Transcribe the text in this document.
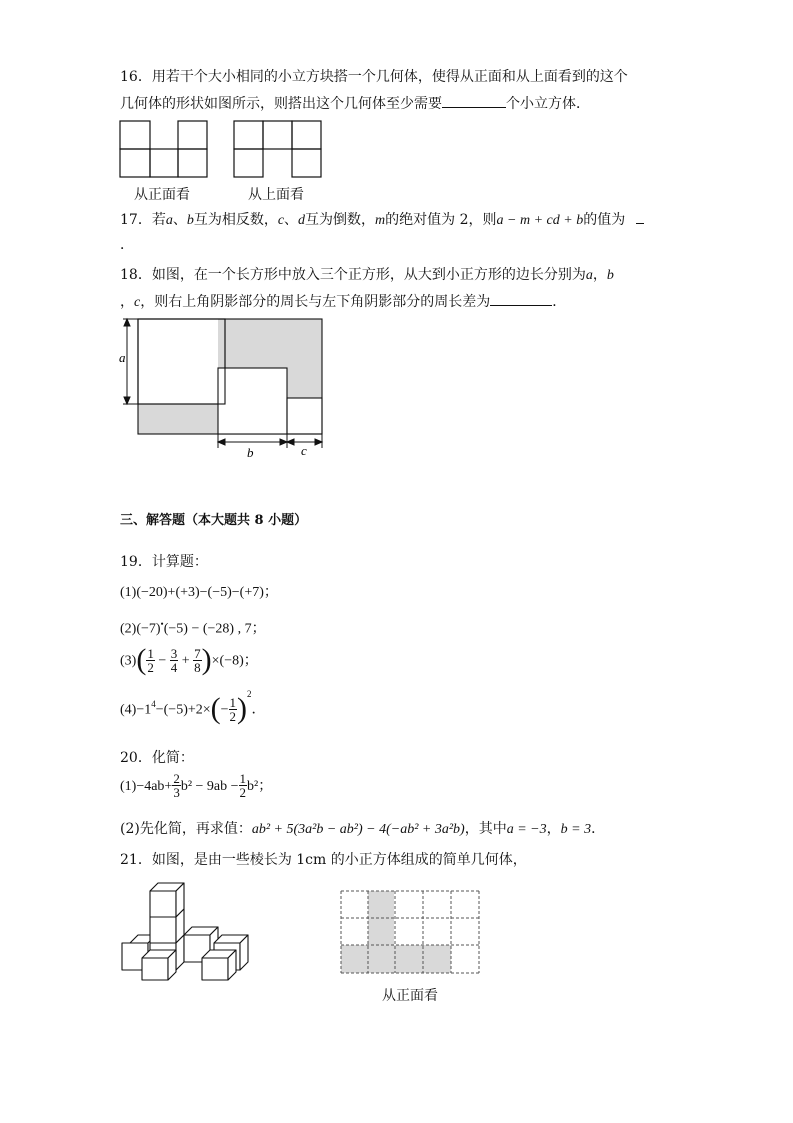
16．用若干个大小相同的小立方块搭一个几何体，使得从正面和从上面看到的这个
几何体的形状如图所示，则搭出这个几何体至少需要	个小立方体．
从正面看	从上面看
17．若a、b互为相反数，c、d互为倒数，m的绝对值为 2，则a − m + cd + b的值为
．
18．如图，在一个长方形中放入三个正方形，从大到小正方形的边长分别为a，b
，c，则右上角阴影部分的周长与左下角阴影部分的周长差为	．
a
b	c
三、解答题（本大题共 8 小题）
19．计算题：
(1)(−20)+(+3)−(−5)−(+7)；
(2)(−7)•(−5) − (−28) , 7；
$(3)( \frac{1}{2} - \frac{3}{4} + \frac{7}{8} )\times(-8)$；
$(4)-1^4-(-5)+2\times(- \frac{1}{2} )^2$．
20．化简：
$(1)-4ab+ \frac{2}{3} b^2 - 9ab - \frac{1}{2} b^2$；
(2)先化简，再求值：ab² + 5(3a²b − ab²) − 4(−ab² + 3a²b)，其中a = −3，b = 3．
21．如图，是由一些棱长为 1cm 的小正方体组成的简单几何体，
从正面看
